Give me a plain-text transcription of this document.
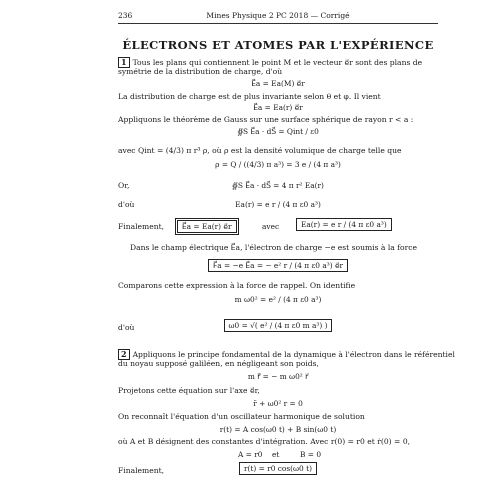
236	Mines Physique 2 PC 2018 — Corrigé
ÉLECTRONS ET ATOMES PAR L'EXPÉRIENCE
1 Tous les plans qui contiennent le point M et le vecteur e⃗r sont des plans de
symétrie de la distribution de charge, d'où
E⃗a = Ea(M) e⃗r
La distribution de charge est de plus invariante selon θ et φ. Il vient
E⃗a = Ea(r) e⃗r
Appliquons le théorème de Gauss sur une surface sphérique de rayon r < a :
∯S E⃗a · dS⃗ = Qint / ε0
avec Qint = (4/3) π r³ ρ, où ρ est la densité volumique de charge telle que
ρ = Q / ((4/3) π a³) = 3 e / (4 π a³)
Or,	∯S E⃗a · dS⃗ = 4 π r² Ea(r)
d'où	Ea(r) = e r / (4 π ε0 a³)
Finalement,	E⃗a = Ea(r) e⃗r	avec	Ea(r) = e r / (4 π ε0 a³)
Dans le champ électrique E⃗a, l'électron de charge −e est soumis à la force
F⃗a = −e E⃗a = − e² r / (4 π ε0 a³) e⃗r
Comparons cette expression à la force de rappel. On identifie
m ω0² = e² / (4 π ε0 a³)
d'où	ω0 = √( e² / (4 π ε0 m a³) )
2 Appliquons le principe fondamental de la dynamique à l'électron dans le référentiel
du noyau supposé galiléen, en négligeant son poids,
m r⃗̈ = − m ω0² r⃗
Projetons cette équation sur l'axe e⃗r,
r̈ + ω0² r = 0
On reconnaît l'équation d'un oscillateur harmonique de solution
r(t) = A cos(ω0 t) + B sin(ω0 t)
où A et B désignent des constantes d'intégration. Avec r(0) = r0 et ṙ(0) = 0,
A = r0 et	B = 0
Finalement,	r(t) = r0 cos(ω0 t)
